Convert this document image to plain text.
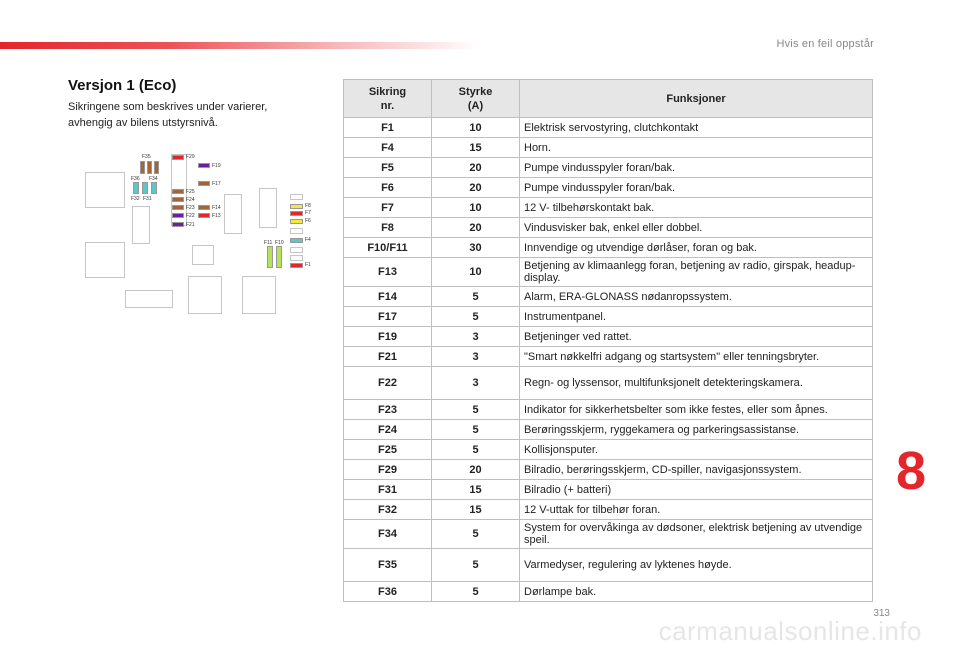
Hvis en feil oppstår
Versjon 1 (Eco)
Sikringene som beskrives under varierer, avhengig av bilens utstyrsnivå.
F35
F36 F34
F32 F31
F29
F19
F17
F25
F24
F23	F14
F22	F13
F21
F8
F7
F6
F11 F10	F4
F1
Sikring nr.	Styrke (A)	Funksjoner
F1	10	Elektrisk servostyring, clutchkontakt
F4	15	Horn.
F5	20	Pumpe vindusspyler foran/bak.
F6	20	Pumpe vindusspyler foran/bak.
F7	10	12 V- tilbehørskontakt bak.
F8	20	Vindusvisker bak, enkel eller dobbel.
F10/F11	30	Innvendige og utvendige dørlåser, foran og bak.
F13	10	Betjening av klimaanlegg foran, betjening av radio, girspak, headup-display.
F14	5	Alarm, ERA-GLONASS nødanropssystem.
F17	5	Instrumentpanel.
F19	3	Betjeninger ved rattet.
F21	3	"Smart nøkkelfri adgang og startsystem" eller tenningsbryter.
F22	3	Regn- og lyssensor, multifunksjonelt detekteringskamera.
F23	5	Indikator for sikkerhetsbelter som ikke festes, eller som åpnes.
F24	5	Berøringsskjerm, ryggekamera og parkeringsassistanse.
F25	5	Kollisjonsputer.
F29	20	Bilradio, berøringsskjerm, CD-spiller, navigasjonssystem.
F31	15	Bilradio (+ batteri)
F32	15	12 V-uttak for tilbehør foran.
F34	5	System for overvåkinga av dødsoner, elektrisk betjening av utvendige speil.
F35	5	Varmedyser, regulering av lyktenes høyde.
F36	5	Dørlampe bak.
8
313
carmanualsonline.info
